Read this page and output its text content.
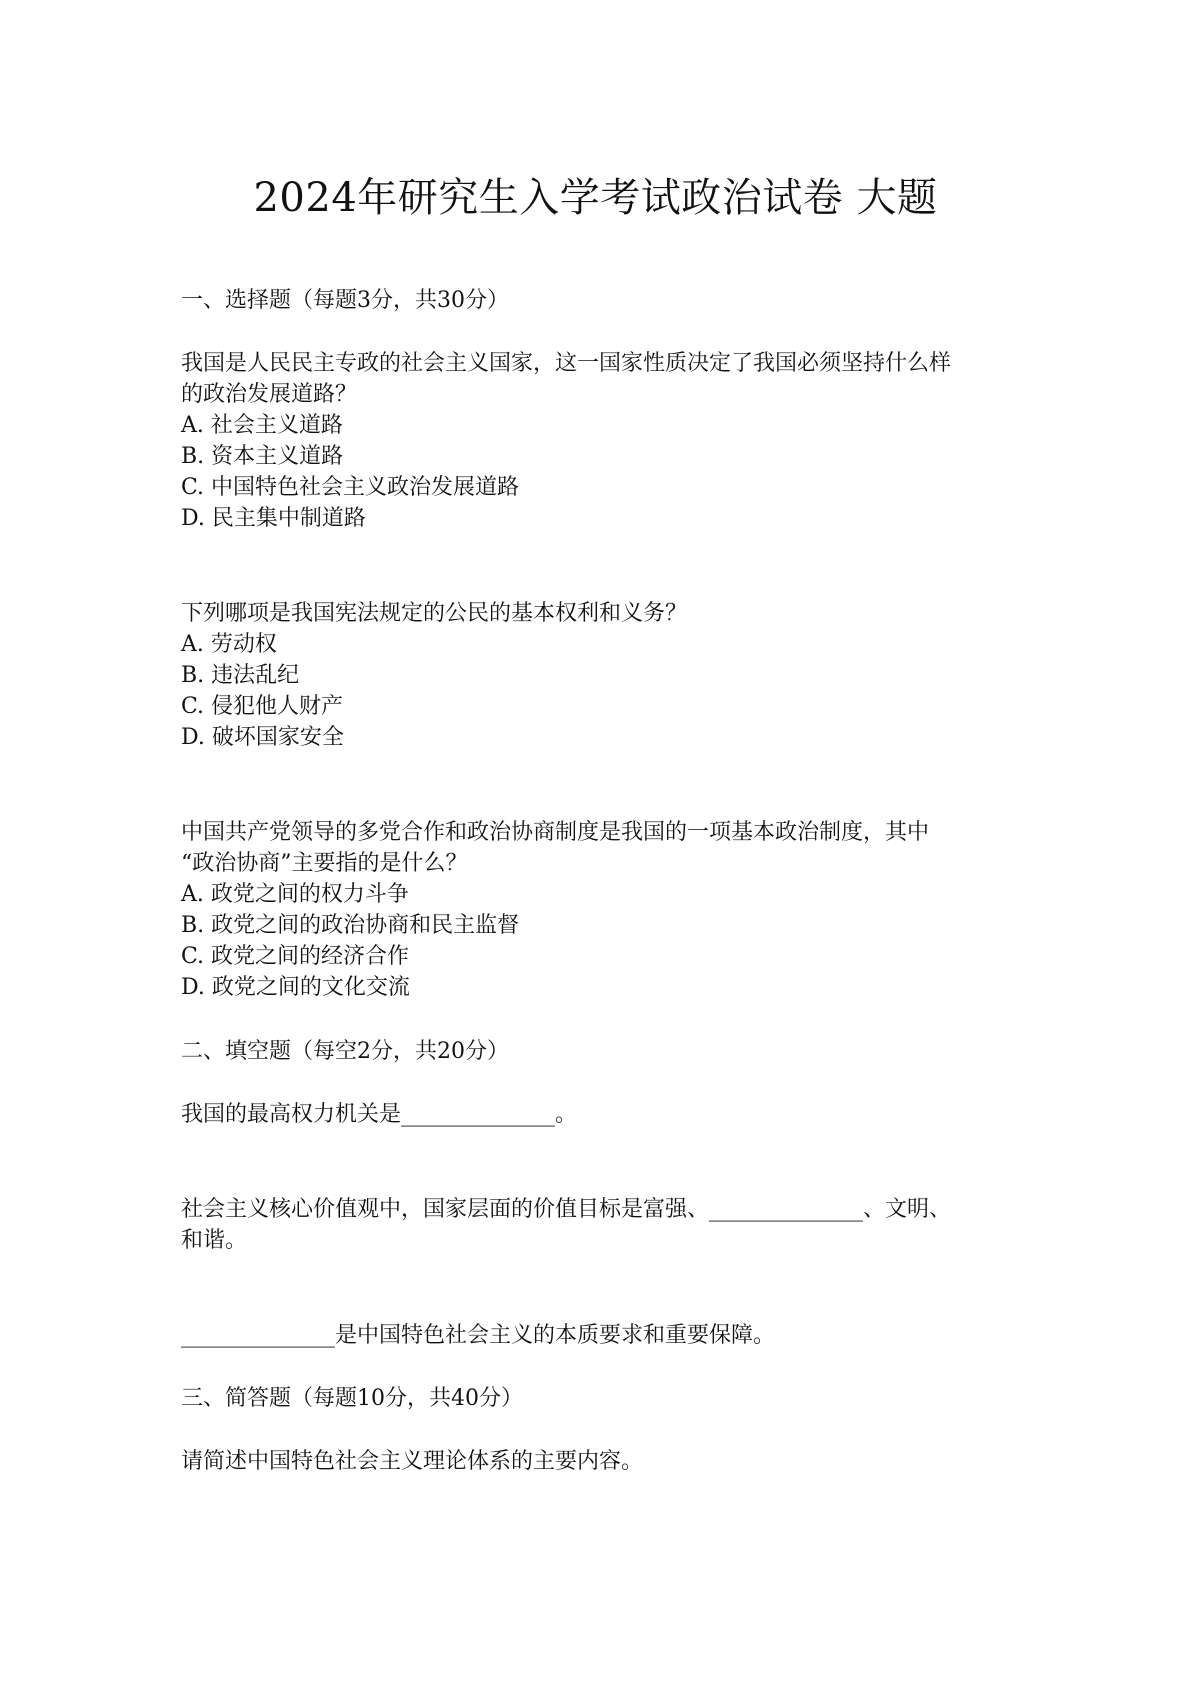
2024年研究生入学考试政治试卷 大题
一、选择题（每题3分，共30分）
我国是人民民主专政的社会主义国家，这一国家性质决定了我国必须坚持什么样
的政治发展道路？
A. 社会主义道路
B. 资本主义道路
C. 中国特色社会主义政治发展道路
D. 民主集中制道路
下列哪项是我国宪法规定的公民的基本权利和义务？
A. 劳动权
B. 违法乱纪
C. 侵犯他人财产
D. 破坏国家安全
中国共产党领导的多党合作和政治协商制度是我国的一项基本政治制度，其中
“政治协商”主要指的是什么？
A. 政党之间的权力斗争
B. 政党之间的政治协商和民主监督
C. 政党之间的经济合作
D. 政党之间的文化交流
二、填空题（每空2分，共20分）
我国的最高权力机关是______________。
社会主义核心价值观中，国家层面的价值目标是富强、______________、文明、
和谐。
______________是中国特色社会主义的本质要求和重要保障。
三、简答题（每题10分，共40分）
请简述中国特色社会主义理论体系的主要内容。
